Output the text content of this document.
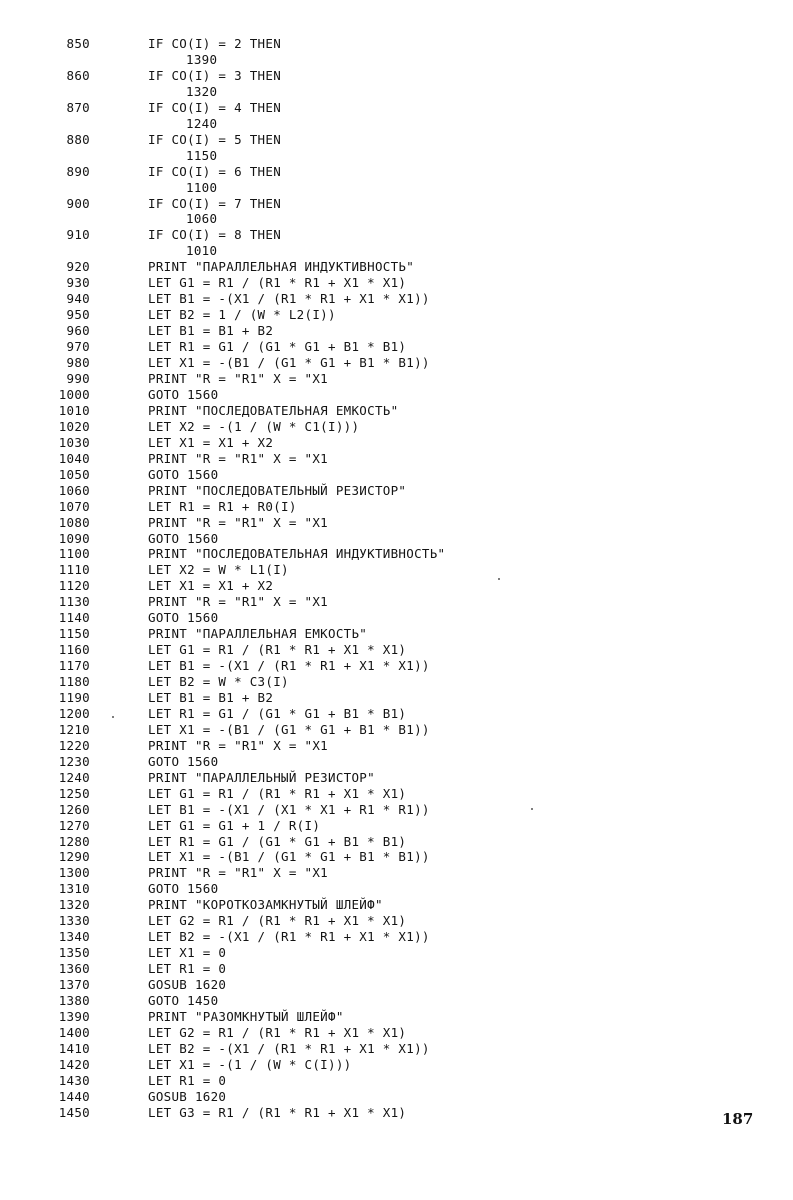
850	IF CO(I) = 2 THEN
1390
860	IF CO(I) = 3 THEN
1320
870	IF CO(I) = 4 THEN
1240
880	IF CO(I) = 5 THEN
1150
890	IF CO(I) = 6 THEN
1100
900	IF CO(I) = 7 THEN
1060
910	IF CO(I) = 8 THEN
1010
920	PRINT "ПАРАЛЛЕЛЬНАЯ ИНДУКТИВНОСТЬ"
930	LET G1 = R1 / (R1 * R1 + X1 * X1)
940	LET B1 = -(X1 / (R1 * R1 + X1 * X1))
950	LET B2 = 1 / (W * L2(I))
960	LET B1 = B1 + B2
970	LET R1 = G1 / (G1 * G1 + B1 * B1)
980	LET X1 = -(B1 / (G1 * G1 + B1 * B1))
990	PRINT "R = "R1" X = "X1
1000	GOTO 1560
1010	PRINT "ПОСЛЕДОВАТЕЛЬНАЯ ЕМКОСТЬ"
1020	LET X2 = -(1 / (W * C1(I)))
1030	LET X1 = X1 + X2
1040	PRINT "R = "R1" X = "X1
1050	GOTO 1560
1060	PRINT "ПОСЛЕДОВАТЕЛЬНЫЙ РЕЗИСТОР"
1070	LET R1 = R1 + R0(I)
1080	PRINT "R = "R1" X = "X1
1090	GOTO 1560
1100	PRINT "ПОСЛЕДОВАТЕЛЬНАЯ ИНДУКТИВНОСТЬ"
1110	LET X2 = W * L1(I)
1120	LET X1 = X1 + X2
1130	PRINT "R = "R1" X = "X1
1140	GOTO 1560
1150	PRINT "ПАРАЛЛЕЛЬНАЯ ЕМКОСТЬ"
1160	LET G1 = R1 / (R1 * R1 + X1 * X1)
1170	LET B1 = -(X1 / (R1 * R1 + X1 * X1))
1180	LET B2 = W * C3(I)
1190	LET B1 = B1 + B2
1200	LET R1 = G1 / (G1 * G1 + B1 * B1)
1210	LET X1 = -(B1 / (G1 * G1 + B1 * B1))
1220	PRINT "R = "R1" X = "X1
1230	GOTO 1560
1240	PRINT "ПАРАЛЛЕЛЬНЫЙ РЕЗИСТОР"
1250	LET G1 = R1 / (R1 * R1 + X1 * X1)
1260	LET B1 = -(X1 / (X1 * X1 + R1 * R1))
1270	LET G1 = G1 + 1 / R(I)
1280	LET R1 = G1 / (G1 * G1 + B1 * B1)
1290	LET X1 = -(B1 / (G1 * G1 + B1 * B1))
1300	PRINT "R = "R1" X = "X1
1310	GOTO 1560
1320	PRINT "КОРОТКОЗАМКНУТЫЙ ШЛЕЙФ"
1330	LET G2 = R1 / (R1 * R1 + X1 * X1)
1340	LET B2 = -(X1 / (R1 * R1 + X1 * X1))
1350	LET X1 = 0
1360	LET R1 = 0
1370	GOSUB 1620
1380	GOTO 1450
1390	PRINT "РАЗОМКНУТЫЙ ШЛЕЙФ"
1400	LET G2 = R1 / (R1 * R1 + X1 * X1)
1410	LET B2 = -(X1 / (R1 * R1 + X1 * X1))
1420	LET X1 = -(1 / (W * C(I)))
1430	LET R1 = 0
1440	GOSUB 1620
1450	LET G3 = R1 / (R1 * R1 + X1 * X1)	187
